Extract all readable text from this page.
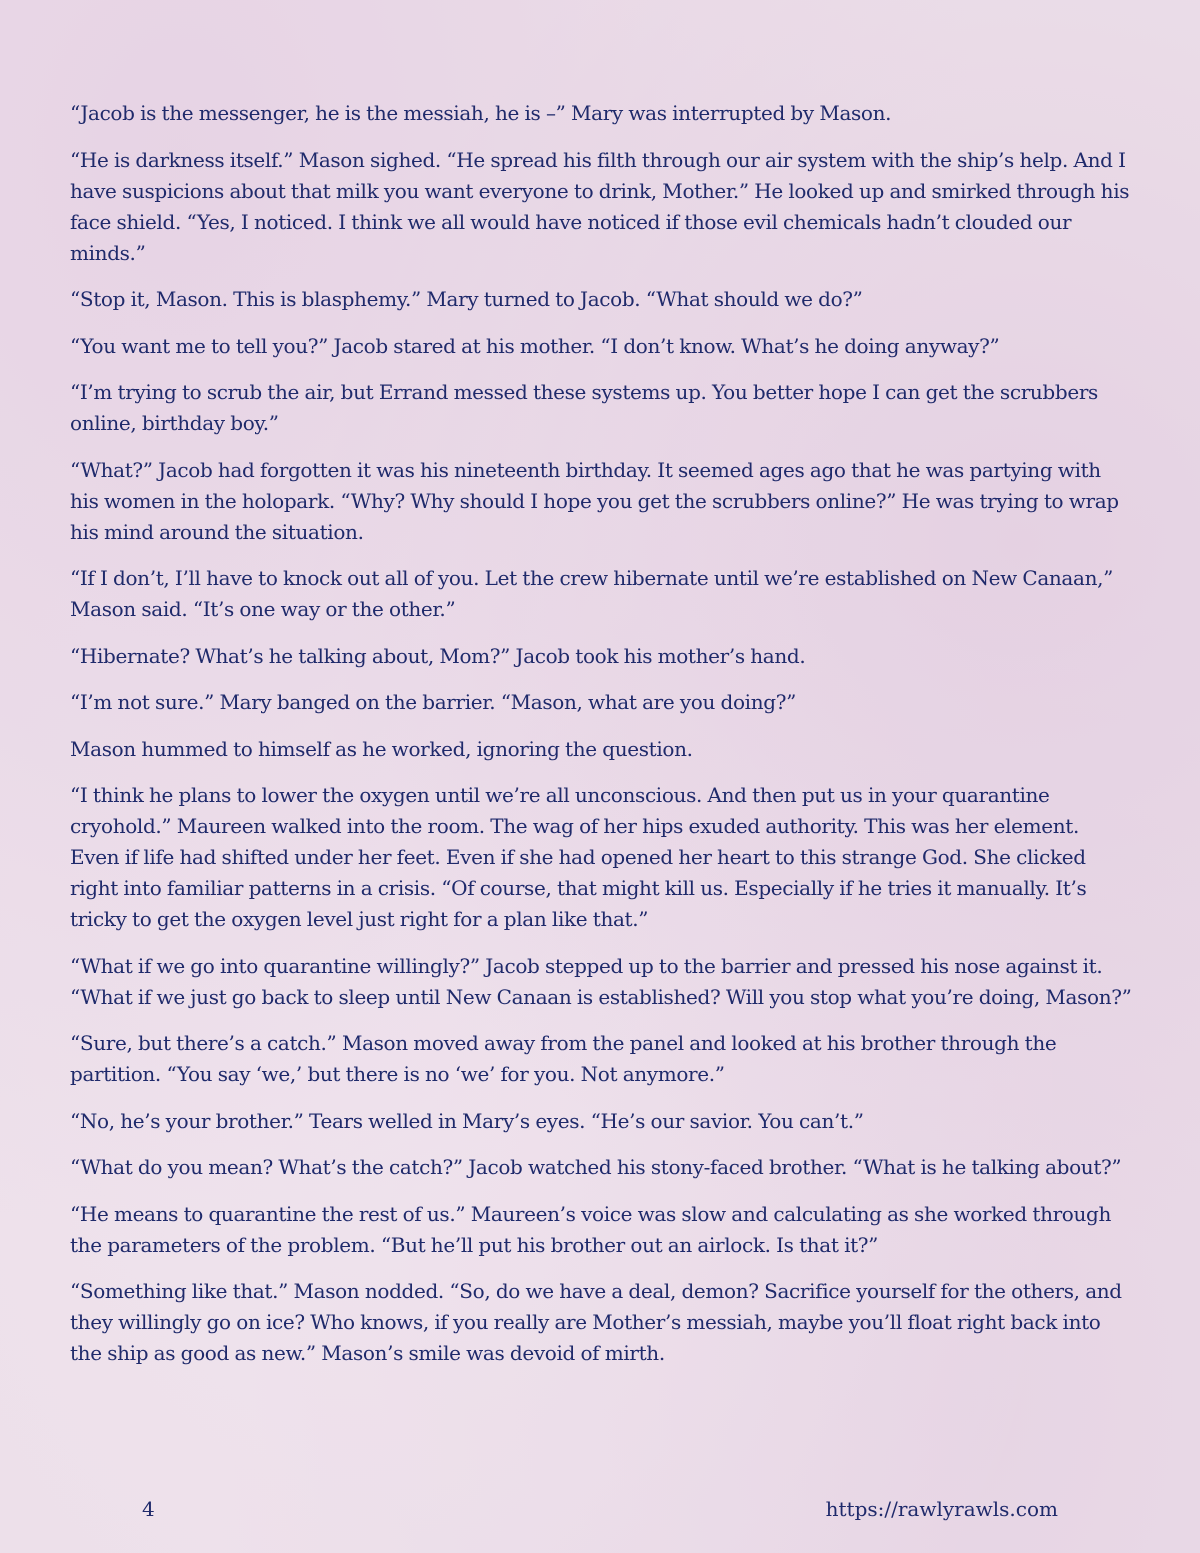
“Jacob is the messenger, he is the messiah, he is –” Mary was interrupted by Mason.

“He is darkness itself.” Mason sighed. “He spread his filth through our air system with the ship’s help. And I have suspicions about that milk you want everyone to drink, Mother.” He looked up and smirked through his face shield. “Yes, I noticed. I think we all would have noticed if those evil chemicals hadn’t clouded our minds.”

“Stop it, Mason. This is blasphemy.” Mary turned to Jacob. “What should we do?”

“You want me to tell you?” Jacob stared at his mother. “I don’t know. What’s he doing anyway?”

“I’m trying to scrub the air, but Errand messed these systems up. You better hope I can get the scrubbers online, birthday boy.”

“What?” Jacob had forgotten it was his nineteenth birthday. It seemed ages ago that he was partying with his women in the holopark. “Why? Why should I hope you get the scrubbers online?” He was trying to wrap his mind around the situation.

“If I don’t, I’ll have to knock out all of you. Let the crew hibernate until we’re established on New Canaan,” Mason said. “It’s one way or the other.”

“Hibernate? What’s he talking about, Mom?” Jacob took his mother’s hand.

“I’m not sure.” Mary banged on the barrier. “Mason, what are you doing?”

Mason hummed to himself as he worked, ignoring the question.

“I think he plans to lower the oxygen until we’re all unconscious. And then put us in your quarantine cryohold.” Maureen walked into the room. The wag of her hips exuded authority. This was her element. Even if life had shifted under her feet. Even if she had opened her heart to this strange God. She clicked right into familiar patterns in a crisis. “Of course, that might kill us. Especially if he tries it manually. It’s tricky to get the oxygen level just right for a plan like that.”

“What if we go into quarantine willingly?” Jacob stepped up to the barrier and pressed his nose against it. “What if we just go back to sleep until New Canaan is established? Will you stop what you’re doing, Mason?”

“Sure, but there’s a catch.” Mason moved away from the panel and looked at his brother through the partition. “You say ‘we,’ but there is no ‘we’ for you. Not anymore.”

“No, he’s your brother.” Tears welled in Mary’s eyes. “He’s our savior. You can’t.”

“What do you mean? What’s the catch?” Jacob watched his stony-faced brother. “What is he talking about?”

“He means to quarantine the rest of us.” Maureen’s voice was slow and calculating as she worked through the parameters of the problem. “But he’ll put his brother out an airlock. Is that it?”

“Something like that.” Mason nodded. “So, do we have a deal, demon? Sacrifice yourself for the others, and they willingly go on ice? Who knows, if you really are Mother’s messiah, maybe you’ll float right back into the ship as good as new.” Mason’s smile was devoid of mirth.

4	https://rawlyrawls.com
